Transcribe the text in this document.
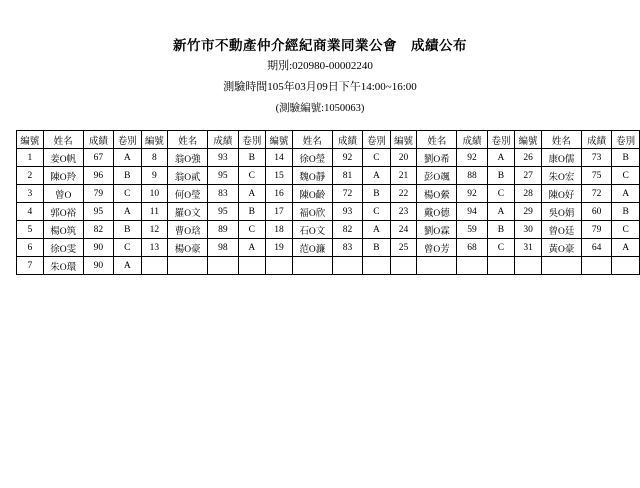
新竹市不動產仲介經紀商業同業公會 成績公布
期別:020980-00002240
測驗時間105年03月09日下午14:00~16:00
(測驗編號:1050063)
編號	姓名	成績	卷別	編號	姓名	成績	卷別	編號	姓名	成績	卷別	編號	姓名	成績	卷別	編號	姓名	成績	卷別
1	姜O帆	67	A	8	翁O強	93	B	14	徐O瑩	92	C	20	劉O希	92	A	26	康O儒	73	B
2	陳O羚	96	B	9	翁O貳	95	C	15	魏O靜	81	A	21	彭O颯	88	B	27	朱O宏	75	C
3	曾O	79	C	10	何O瑩	83	A	16	陳O齡	72	B	22	楊O縈	92	C	28	陳O好	72	A
4	郭O裕	95	A	11	羅O文	95	B	17	福O欣	93	C	23	戴O德	94	A	29	吳O娟	60	B
5	楊O筑	82	B	12	曹O琀	89	C	18	石O文	82	A	24	劉O霖	59	B	30	曾O廷	79	C
6	徐O雯	90	C	13	楊O豪	98	A	19	范O濂	83	B	25	曾O芳	68	C	31	黃O豪	64	A
7	朱O環	90	A																
